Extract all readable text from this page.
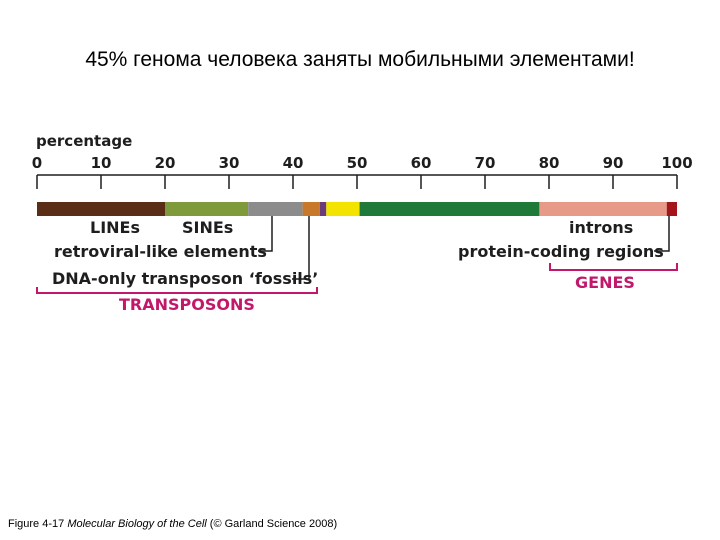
45% генома человека заняты мобильными элементами!
percentage
0	10	20	30	40	50	60	70	80	90	100
LINEs	SINEs
retroviral-like elements
DNA-only transposon ‘fossils’
introns
protein-coding regions
TRANSPOSONS
GENES
Figure 4-17 Molecular Biology of the Cell (© Garland Science 2008)
